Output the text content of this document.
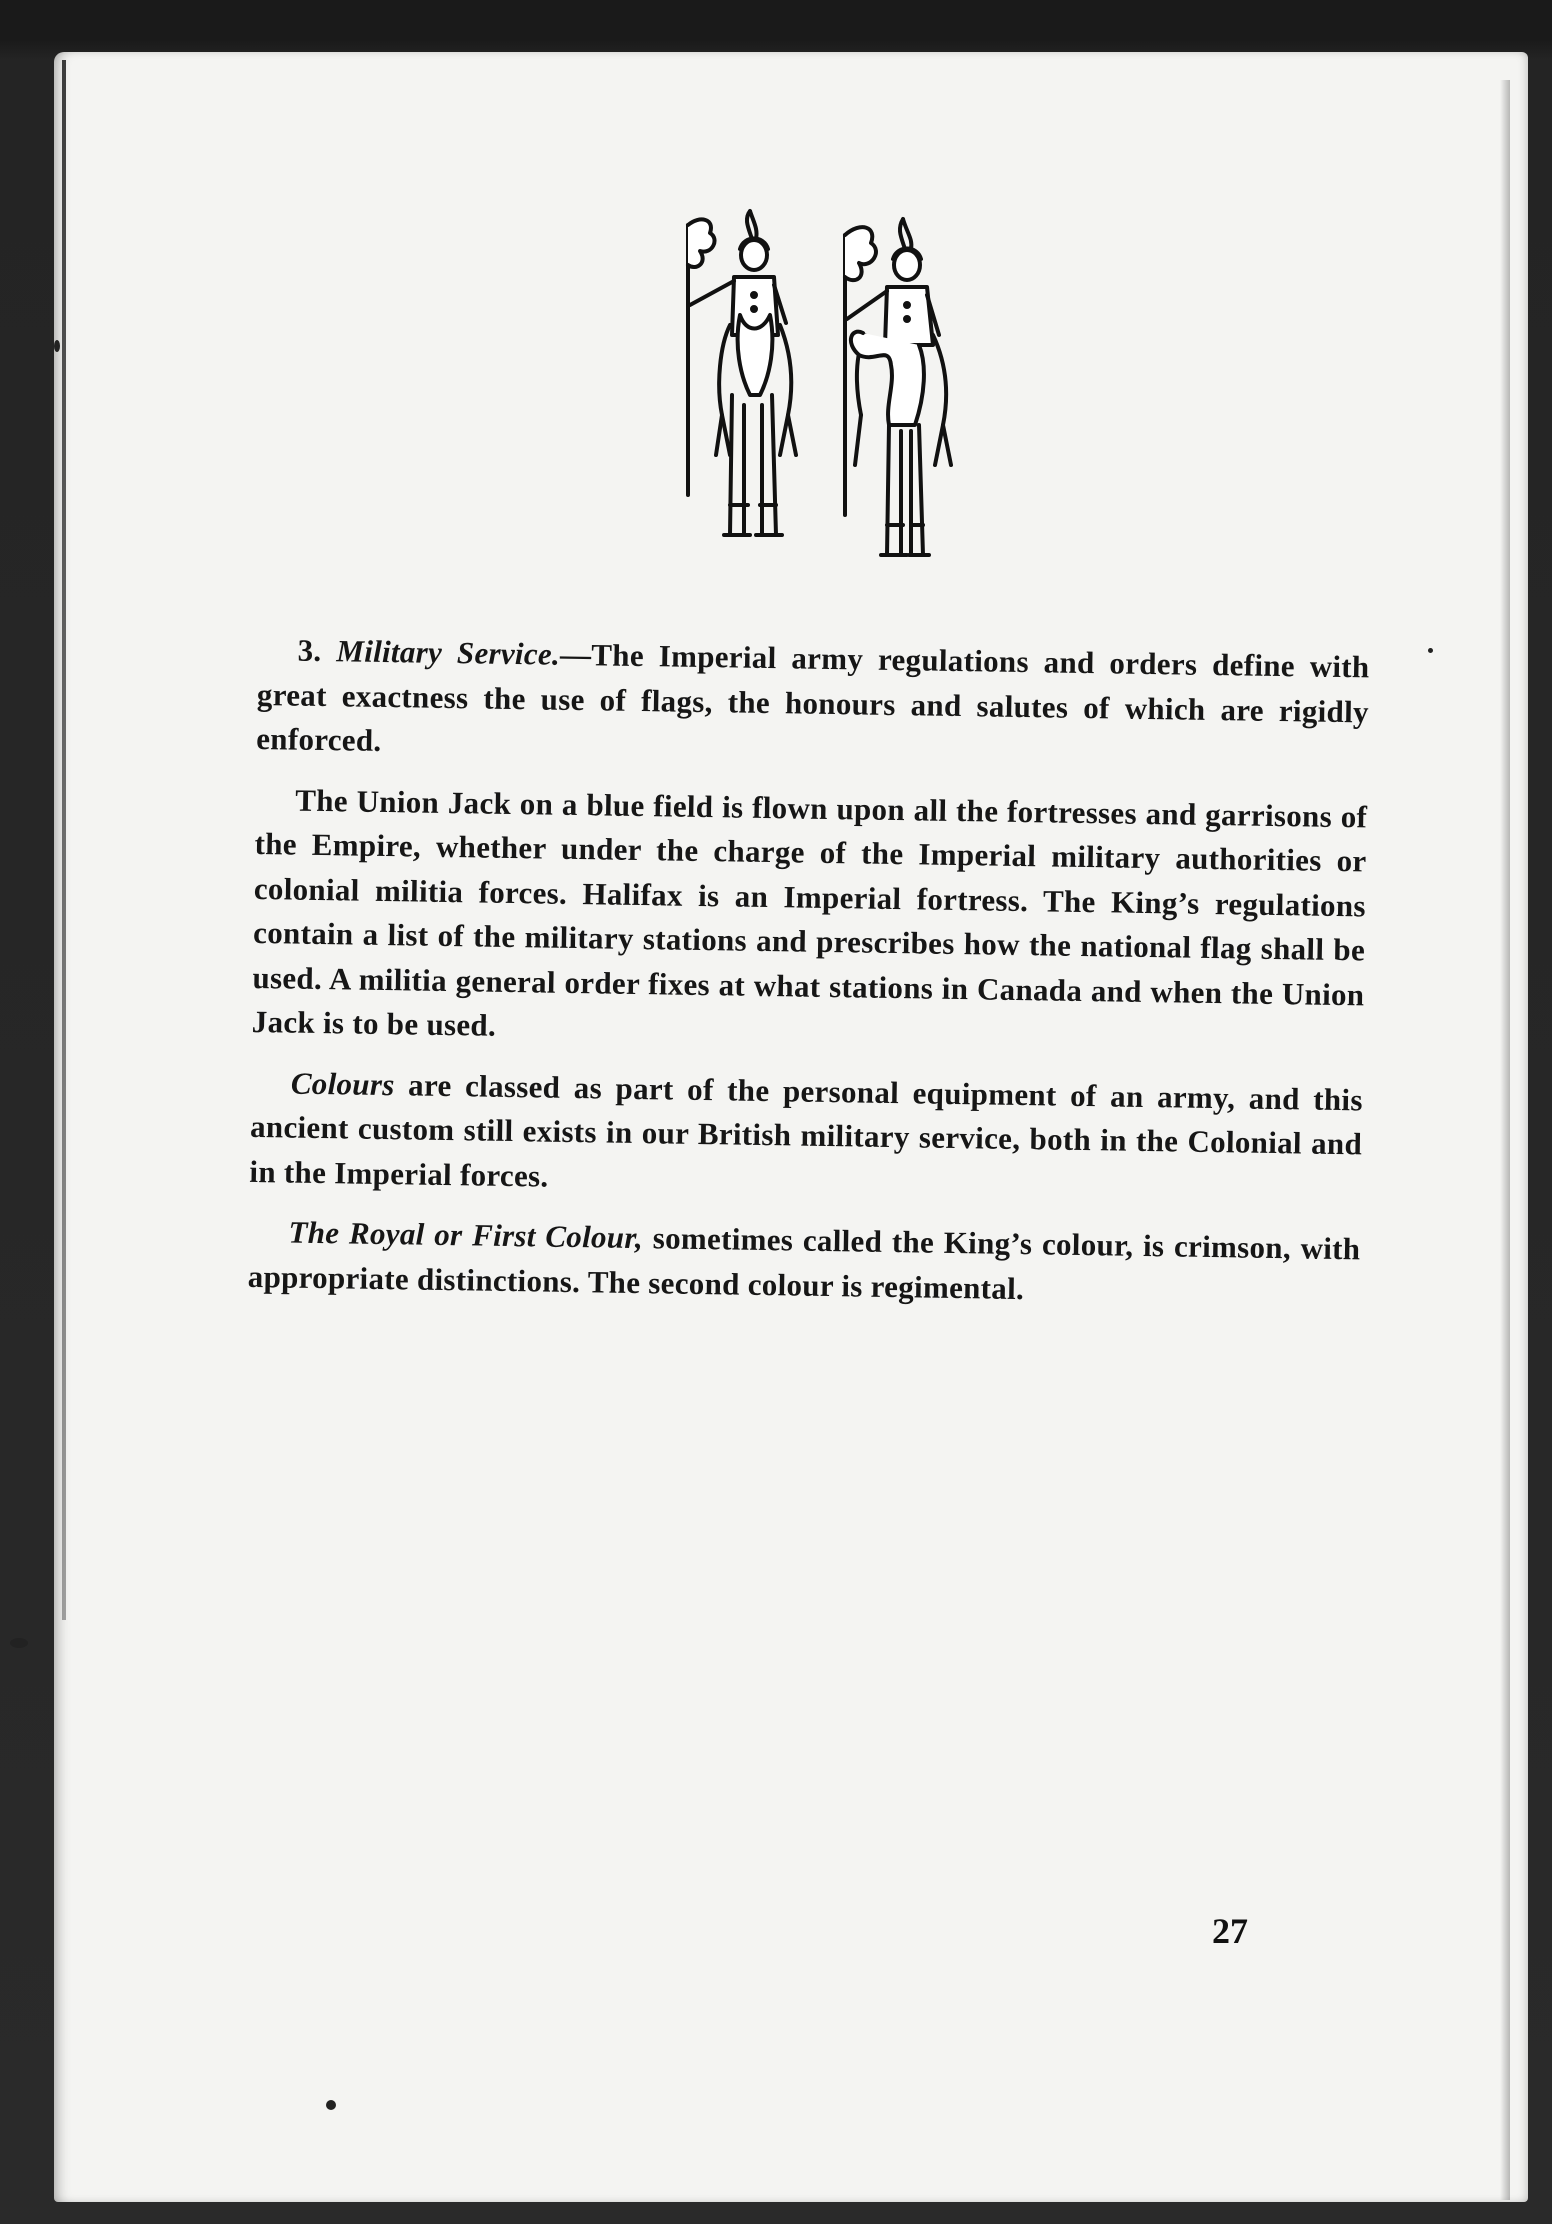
3. Military Service.—The Imperial army regulations and orders define with great exactness the use of flags, the honours and salutes of which are rigidly enforced.

The Union Jack on a blue field is flown upon all the fortresses and garrisons of the Empire, whether under the charge of the Imperial military authorities or colonial militia forces. Halifax is an Imperial fortress. The King’s regulations contain a list of the military stations and prescribes how the national flag shall be used. A militia general order fixes at what stations in Canada and when the Union Jack is to be used.

Colours are classed as part of the personal equipment of an army, and this ancient custom still exists in our British military service, both in the Colonial and in the Imperial forces.

The Royal or First Colour, sometimes called the King’s colour, is crimson, with appropriate distinctions. The second colour is regimental.

27
